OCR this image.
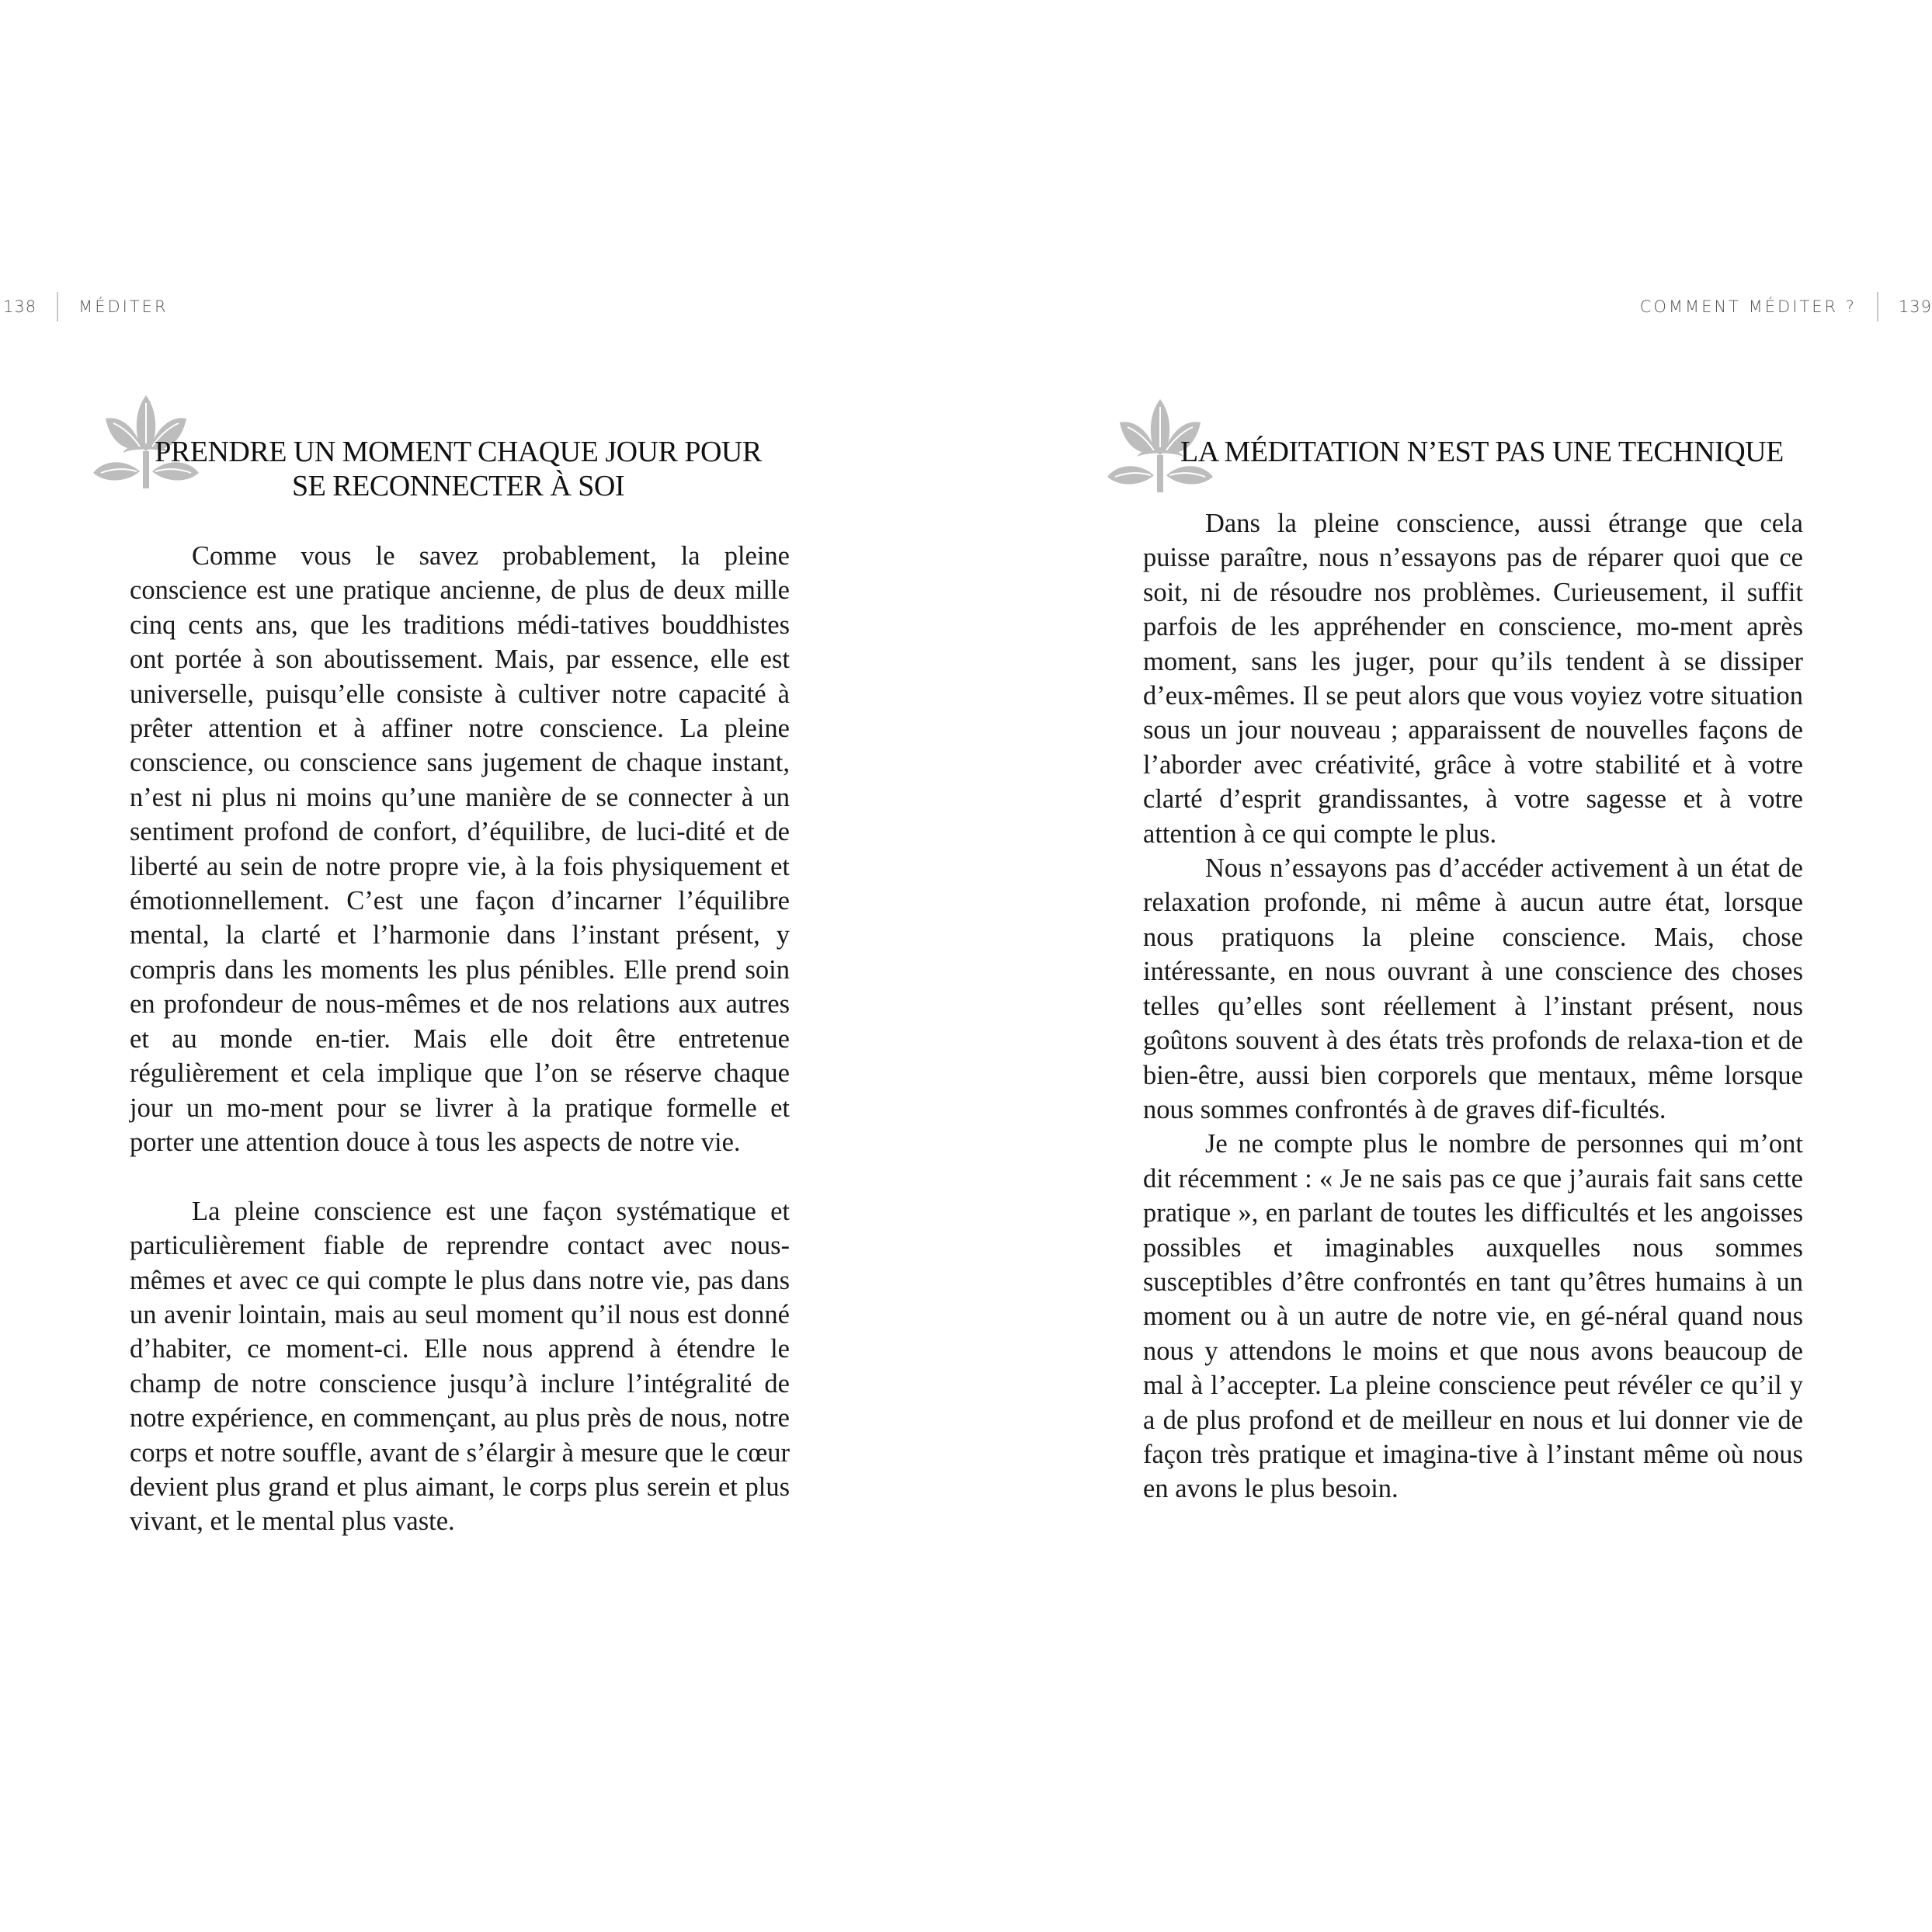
138	MÉDITER
PRENDRE UN MOMENT CHAQUE JOUR POUR
SE RECONNECTER À SOI

Comme vous le savez probablement, la pleine conscience est une pratique ancienne, de plus de deux mille cinq cents ans, que les traditions médi-tatives bouddhistes ont portée à son aboutissement. Mais, par essence, elle est universelle, puisqu’elle consiste à cultiver notre capacité à prêter attention et à affiner notre conscience. La pleine conscience, ou conscience sans jugement de chaque instant, n’est ni plus ni moins qu’une manière de se connecter à un sentiment profond de confort, d’équilibre, de luci-dité et de liberté au sein de notre propre vie, à la fois physiquement et émotionnellement. C’est une façon d’incarner l’équilibre mental, la clarté et l’harmonie dans l’instant présent, y compris dans les moments les plus pénibles. Elle prend soin en profondeur de nous-mêmes et de nos relations aux autres et au monde en-tier. Mais elle doit être entretenue régulièrement et cela implique que l’on se réserve chaque jour un mo-ment pour se livrer à la pratique formelle et porter une attention douce à tous les aspects de notre vie.

La pleine conscience est une façon systématique et particulièrement fiable de reprendre contact avec nous-mêmes et avec ce qui compte le plus dans notre vie, pas dans un avenir lointain, mais au seul moment qu’il nous est donné d’habiter, ce moment-ci. Elle nous apprend à étendre le champ de notre conscience jusqu’à inclure l’intégralité de notre expérience, en commençant, au plus près de nous, notre corps et notre souffle, avant de s’élargir à mesure que le cœur devient plus grand et plus aimant, le corps plus serein et plus vivant, et le mental plus vaste.

COMMENT MÉDITER ?	139
LA MÉDITATION N’EST PAS UNE TECHNIQUE

Dans la pleine conscience, aussi étrange que cela puisse paraître, nous n’essayons pas de réparer quoi que ce soit, ni de résoudre nos problèmes. Curieusement, il suffit parfois de les appréhender en conscience, mo-ment après moment, sans les juger, pour qu’ils tendent à se dissiper d’eux-mêmes. Il se peut alors que vous voyiez votre situation sous un jour nouveau ; apparaissent de nouvelles façons de l’aborder avec créativité, grâce à votre stabilité et à votre clarté d’esprit grandissantes, à votre sagesse et à votre attention à ce qui compte le plus.

Nous n’essayons pas d’accéder activement à un état de relaxation profonde, ni même à aucun autre état, lorsque nous pratiquons la pleine conscience. Mais, chose intéressante, en nous ouvrant à une conscience des choses telles qu’elles sont réellement à l’instant présent, nous goûtons souvent à des états très profonds de relaxa-tion et de bien-être, aussi bien corporels que mentaux, même lorsque nous sommes confrontés à de graves dif-ficultés.

Je ne compte plus le nombre de personnes qui m’ont dit récemment : « Je ne sais pas ce que j’aurais fait sans cette pratique », en parlant de toutes les difficultés et les angoisses possibles et imaginables auxquelles nous sommes susceptibles d’être confrontés en tant qu’êtres humains à un moment ou à un autre de notre vie, en gé-néral quand nous nous y attendons le moins et que nous avons beaucoup de mal à l’accepter. La pleine conscience peut révéler ce qu’il y a de plus profond et de meilleur en nous et lui donner vie de façon très pratique et imagina-tive à l’instant même où nous en avons le plus besoin.
